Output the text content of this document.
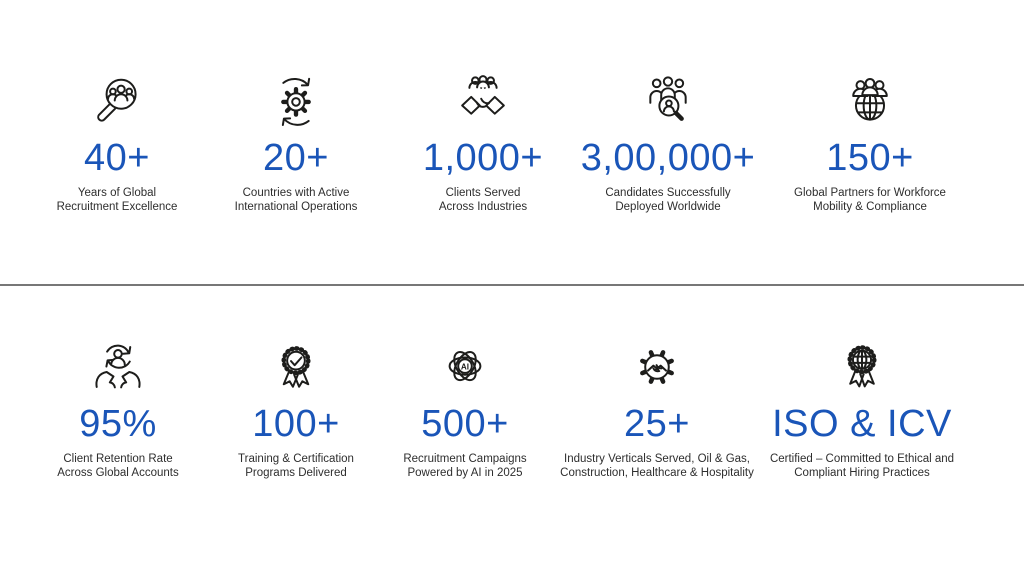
40+
Years of Global
Recruitment Excellence
20+
Countries with Active
International Operations
1,000+
Clients Served
Across Industries
3,00,000+
Candidates Successfully
Deployed Worldwide
150+
Global Partners for Workforce
Mobility & Compliance
95%
Client Retention Rate
Across Global Accounts
100+
Training & Certification
Programs Delivered
AI
500+
Recruitment Campaigns
Powered by AI in 2025
25+
Industry Verticals Served, Oil & Gas,
Construction, Healthcare & Hospitality
ISO & ICV
Certified – Committed to Ethical and
Compliant Hiring Practices
